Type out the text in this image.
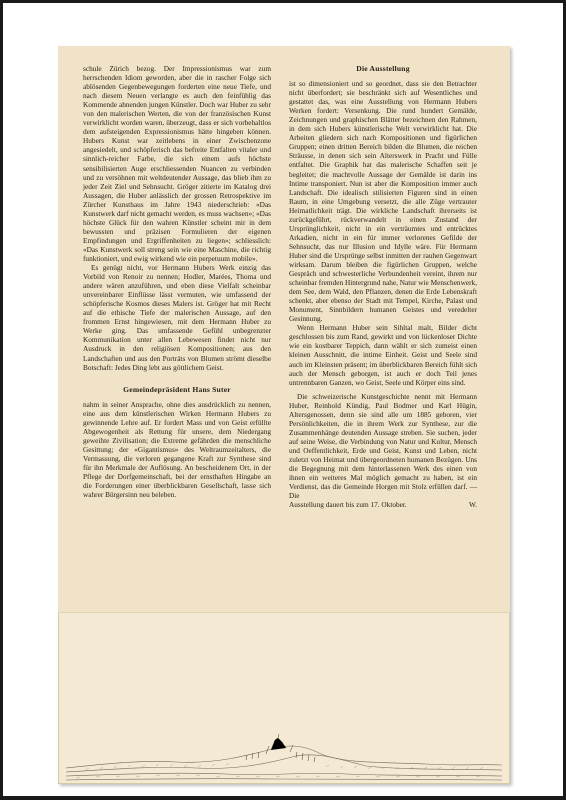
schule Zürich bezog. Der Impressionismus war zum herrschenden Idiom geworden, aber die in rascher Folge sich ablösenden Gegenbewegungen forderten eine neue Tiefe, und nach diesem Neuen verlangte es auch den feinfühlig das Kommende ahnenden jungen Künstler. Doch war Huber zu sehr von den malerischen Werten, die von der französischen Kunst verwirklicht worden waren, überzeugt, dass er sich vorbehaltlos dem aufsteigenden Expressionismus hätte hingeben können. Hubers Kunst war zeitlebens in einer Zwischenzone angesiedelt, und schöpferisch das befreite Entfalten vitaler und sinnlich-reicher Farbe, die sich einem aufs höchste sensibilisierten Auge erschliessenden Nuancen zu verbinden und zu versöhnen mit weltdeutender Aussage, das blieb ihm zu jeder Zeit Ziel und Sehnsucht. Gröger zitierte im Katalog drei Aussagen, die Huber anlässlich der grossen Retrospektive im Zürcher Kunsthaus im Jahre 1943 niederschrieb: «Das Kunstwerk darf nicht gemacht werden, es muss wachsen»; «Das höchste Glück für den wahren Künstler scheint mir in dem bewussten und präzisen Formulieren der eigenen Empfindungen und Ergriffenheiten zu liegen»; schliesslich: «Das Kunstwerk soll streng sein wie eine Maschine, die richtig funktioniert, und ewig wirkend wie ein perpetuum mobile».

Es genügt nicht, vor Hermann Hubers Werk einzig das Vorbild von Renoir zu nennen; Hodler, Marées, Thoma und andere wären anzuführen, und eben diese Vielfalt scheinbar unvereinbarer Einflüsse lässt vermuten, wie umfassend der schöpferische Kosmos dieses Malers ist. Gröger hat mit Recht auf die ethische Tiefe der malerischen Aussage, auf den frommen Ernst hingewiesen, mit dem Hermann Huber zu Werke ging. Das umfassende Gefühl unbegrenzter Kommunikation unter allen Lebewesen findet nicht nur Ausdruck in den religiösen Kompositionen; aus den Landschaften und aus den Porträts von Blumen strömt dieselbe Botschaft: Jedes Ding lebt aus göttlichem Geist.

Gemeindepräsident Hans Suter

nahm in seiner Ansprache, ohne dies ausdrücklich zu nennen, eine aus dem künstlerischen Wirken Hermann Hubers zu gewinnende Lehre auf. Er fordert Mass und von Geist erfüllte Abgewogenheit als Rettung für unsere, dem Niedergang geweihte Zivilisation; die Extreme gefährden die menschliche Gesittung; der «Gigantismus» des Weltraumzeitalters, die Vermassung, die verloren gegangene Kraft zur Synthese sind für ihn Merkmale der Auflösung. An bescheidenem Ort, in der Pflege der Dorfgemeinschaft, bei der ernsthaften Hingabe an die Forderungen einer überblickbaren Gesellschaft, lasse sich wahrer Bürgersinn neu beleben.

Die Ausstellung

ist so dimensioniert und so geordnet, dass sie den Betrachter nicht überfordert; sie beschränkt sich auf Wesentliches und gestattet das, was eine Ausstellung von Hermann Hubers Werken fordert: Versenkung. Die rund hundert Gemälde, Zeichnungen und graphischen Blätter bezeichnen den Rahmen, in dem sich Hubers künstlerische Welt verwirklicht hat. Die Arbeiten gliedern sich nach Kompositionen und figürlichen Gruppen; einen dritten Bereich bilden die Blumen, die reichen Sträusse, in denen sich sein Alterswerk in Pracht und Fülle entfaltet. Die Graphik hat das malerische Schaffen seit je begleitet; die machtvolle Aussage der Gemälde ist darin ins Intime transponiert. Nun ist aber die Komposition immer auch Landschaft. Die idealisch stilisierten Figuren sind in einen Raum, in eine Umgebung versetzt, die alle Züge vertrauter Heimatlichkeit trägt. Die wirkliche Landschaft ihrerseits ist zurückgeführt, rückverwandelt in einen Zustand der Ursprünglichkeit, nicht in ein verträumtes und entrücktes Arkadien, nicht in ein für immer verlorenes Gefilde der Sehnsucht, das nur Illusion und Idylle wäre. Für Hermann Huber sind die Ursprünge selbst inmitten der rauhen Gegenwart wirksam. Darum bleiben die figürlichen Gruppen, welche Gespräch und schwesterliche Verbundenheit vereint, ihrem nur scheinbar fremden Hintergrund nahe, Natur wie Menschenwerk, dem See, dem Wald, den Pflanzen, denen die Erde Lebenskraft schenkt, aber ebenso der Stadt mit Tempel, Kirche, Palast und Monument, Sinnbildern humanen Geistes und veredelter Gesinnung.

Wenn Hermann Huber sein Sihltal malt, Bilder dicht geschlossen bis zum Rand, gewirkt und von lückenloser Dichte wie ein kostbarer Teppich, dann wählt er sich zumeist einen kleinen Ausschnitt, die intime Einheit. Geist und Seele sind auch im Kleinsten präsent; im überblickbaren Bereich fühlt sich auch der Mensch geborgen, ist auch er doch Teil jenes untrennbaren Ganzen, wo Geist, Seele und Körper eins sind.

Die schweizerische Kunstgeschichte nennt mit Hermann Huber, Reinhold Kündig, Paul Bodmer und Karl Hügin, Altersgenossen, denn sie sind alle um 1885 geboren, vier Persönlichkeiten, die in ihrem Werk zur Synthese, zur die Zusammenhänge deutenden Aussage streben. Sie suchen, jeder auf seine Weise, die Verbindung von Natur und Kultur, Mensch und Oeffentlichkeit, Erde und Geist, Kunst und Leben, nicht zuletzt von Heimat und übergeordneten humanen Bezügen. Uns die Begegnung mit dem hinterlassenen Werk des einen von ihnen ein weiteres Mal möglich gemacht zu haben, ist ein Verdienst, das die Gemeinde Horgen mit Stolz erfüllen darf. — Die

Ausstellung dauert bis zum 17. Oktober.	W.
